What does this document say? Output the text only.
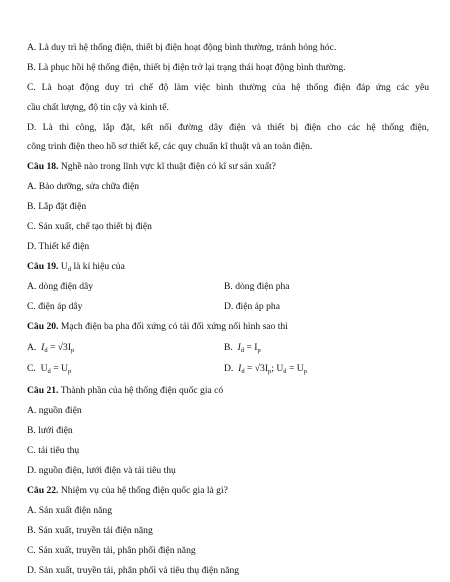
A. Là duy trì hệ thống điện, thiết bị điện hoạt động bình thường, tránh hỏng hóc.
B. Là phục hồi hệ thống điện, thiết bị điện trở lại trạng thái hoạt động bình thường.
C. Là hoạt động duy trì chế độ làm việc bình thường của hệ thống điện đáp ứng các yêu
cầu chất lượng, độ tin cậy và kinh tế.
D. Là thi công, lắp đặt, kết nối đường dây điện và thiết bị điện cho các hệ thống điện,
công trình điện theo hồ sơ thiết kế, các quy chuẩn kĩ thuật và an toàn điện.
Câu 18. Nghề nào trong lĩnh vực kĩ thuật điện có kĩ sư sản xuất?
A. Bảo dưỡng, sửa chữa điện
B. Lắp đặt điện
C. Sản xuất, chế tạo thiết bị điện
D. Thiết kế điện
Câu 19. $U_d$ là kí hiệu của
A. dòng điện dây	B. dòng điện pha
C. điện áp dây	D. điện áp pha
Câu 20. Mạch điện ba pha đối xứng có tải đối xứng nối hình sao thì
A. $I_d = √3I_p$	B. $I_d = I_p$
C. $U_d = U_p$	D. $I_d = √3I_p$; $U_d = U_p$
Câu 21. Thành phần của hệ thống điện quốc gia có
A. nguồn điện
B. lưới điện
C. tải tiêu thụ
D. nguồn điện, lưới điện và tải tiêu thụ
Câu 22. Nhiệm vụ của hệ thống điện quốc gia là gì?
A. Sản xuất điện năng
B. Sản xuất, truyền tải điện năng
C. Sản xuất, truyền tải, phân phối điện năng
D. Sản xuất, truyền tải, phân phối và tiêu thụ điện năng
